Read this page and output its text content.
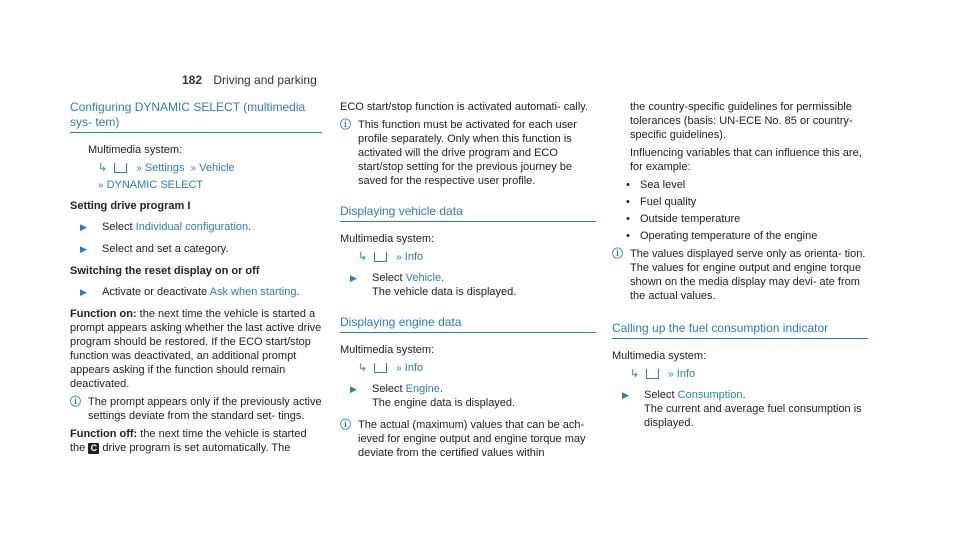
182 Driving and parking
Configuring DYNAMIC SELECT (multimedia sys- tem)
Multimedia system:
↳	» Settings » Vehicle
» DYNAMIC SELECT
Setting drive program I
▶ Select Individual configuration.
▶ Select and set a category.
Switching the reset display on or off
▶ Activate or deactivate Ask when starting.
Function on: the next time the vehicle is started a prompt appears asking whether the last active drive program should be restored. If the ECO start/stop function was deactivated, an additional prompt appears asking if the function should remain deactivated.
ⓘ The prompt appears only if the previously active settings deviate from the standard set- tings.
Function off: the next time the vehicle is started the C drive program is set automatically. The
ECO start/stop function is activated automati- cally.
ⓘ This function must be activated for each user profile separately. Only when this function is activated will the drive program and ECO start/stop setting for the previous journey be saved for the respective user profile.
Displaying vehicle data
Multimedia system:
↳	» Info
▶ Select Vehicle.
The vehicle data is displayed.
Displaying engine data
Multimedia system:
↳	» Info
▶ Select Engine.
The engine data is displayed.
ⓘ The actual (maximum) values that can be ach- ieved for engine output and engine torque may deviate from the certified values within
the country-specific guidelines for permissible tolerances (basis: UN-ECE No. 85 or country- specific guidelines).
Influencing variables that can influence this are, for example:
• Sea level
• Fuel quality
• Outside temperature
• Operating temperature of the engine
ⓘ The values displayed serve only as orienta- tion. The values for engine output and engine torque shown on the media display may devi- ate from the actual values.
Calling up the fuel consumption indicator
Multimedia system:
↳	» Info
▶ Select Consumption.
The current and average fuel consumption is displayed.
